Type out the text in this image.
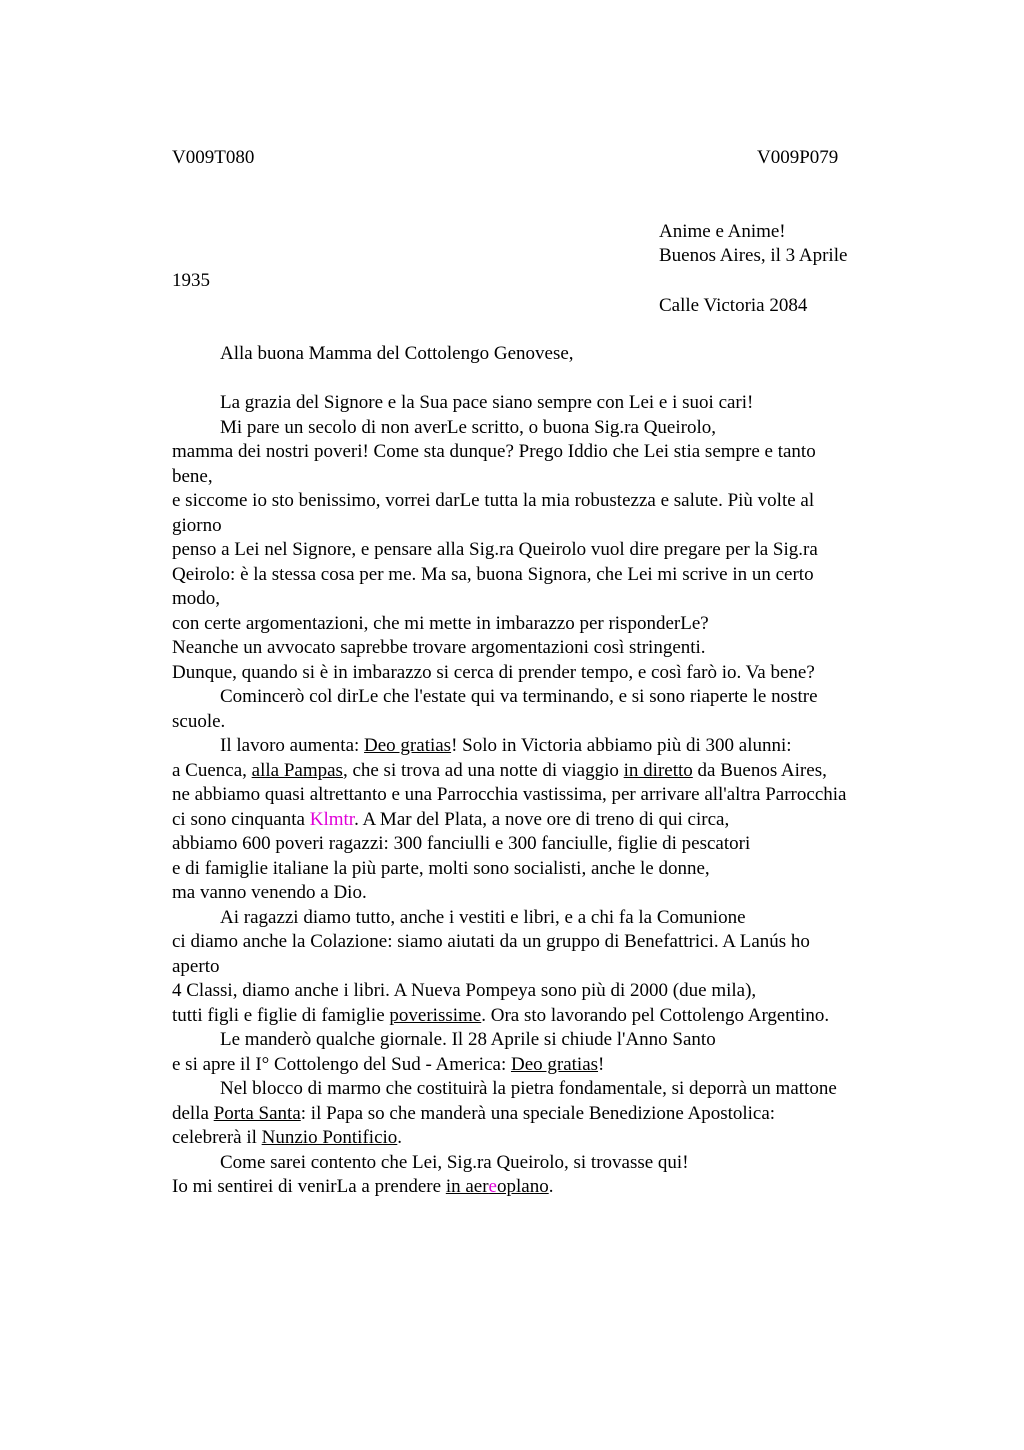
V009T080	V009P079
Anime e Anime!
Buenos Aires, il 3 Aprile
1935
Calle Victoria 2084
Alla buona Mamma del Cottolengo Genovese,
La grazia del Signore e la Sua pace siano sempre con Lei e i suoi cari!
Mi pare un secolo di non averLe scritto, o buona Sig.ra Queirolo,
mamma dei nostri poveri! Come sta dunque? Prego Iddio che Lei stia sempre e tanto
bene,
e siccome io sto benissimo, vorrei darLe tutta la mia robustezza e salute. Più volte al
giorno
penso a Lei nel Signore, e pensare alla Sig.ra Queirolo vuol dire pregare per la Sig.ra
Qeirolo: è la stessa cosa per me. Ma sa, buona Signora, che Lei mi scrive in un certo
modo,
con certe argomentazioni, che mi mette in imbarazzo per risponderLe?
Neanche un avvocato saprebbe trovare argomentazioni così stringenti.
Dunque, quando si è in imbarazzo si cerca di prender tempo, e così farò io. Va bene?
Comincerò col dirLe che l'estate qui va terminando, e si sono riaperte le nostre
scuole.
Il lavoro aumenta: Deo gratias! Solo in Victoria abbiamo più di 300 alunni:
a Cuenca, alla Pampas, che si trova ad una notte di viaggio in diretto da Buenos Aires,
ne abbiamo quasi altrettanto e una Parrocchia vastissima, per arrivare all'altra Parrocchia
ci sono cinquanta Klmtr. A Mar del Plata, a nove ore di treno di qui circa,
abbiamo 600 poveri ragazzi: 300 fanciulli e 300 fanciulle, figlie di pescatori
e di famiglie italiane la più parte, molti sono socialisti, anche le donne,
ma vanno venendo a Dio.
Ai ragazzi diamo tutto, anche i vestiti e libri, e a chi fa la Comunione
ci diamo anche la Colazione: siamo aiutati da un gruppo di Benefattrici. A Lanús ho
aperto
4 Classi, diamo anche i libri. A Nueva Pompeya sono più di 2000 (due mila),
tutti figli e figlie di famiglie poverissime. Ora sto lavorando pel Cottolengo Argentino.
Le manderò qualche giornale. Il 28 Aprile si chiude l'Anno Santo
e si apre il I° Cottolengo del Sud - America: Deo gratias!
Nel blocco di marmo che costituirà la pietra fondamentale, si deporrà un mattone
della Porta Santa: il Papa so che manderà una speciale Benedizione Apostolica:
celebrerà il Nunzio Pontificio.
Come sarei contento che Lei, Sig.ra Queirolo, si trovasse qui!
Io mi sentirei di venirLa a prendere in aereoplano.
